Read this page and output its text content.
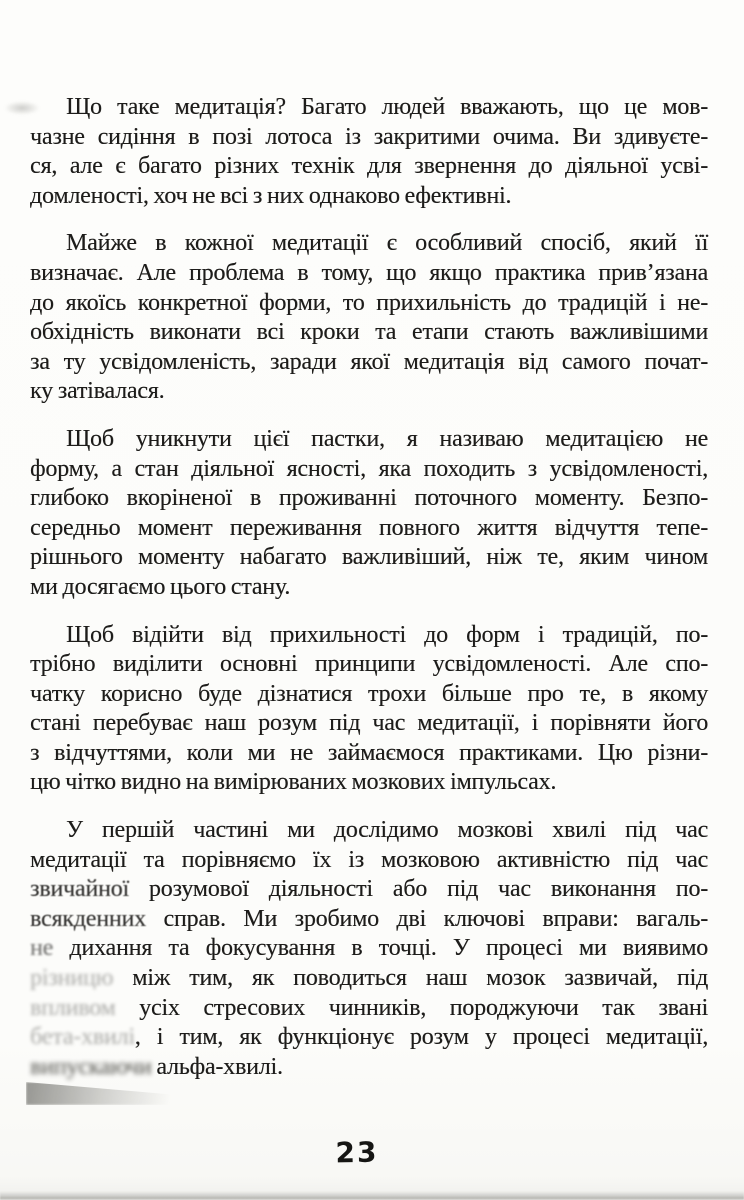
Що таке медитація? Багато людей вважають, що це мов-
чазне сидіння в позі лотоса із закритими очима. Ви здивуєте-
ся, але є багато різних технік для звернення до діяльної усві-
домленості, хоч не всі з них однаково ефективні.

Майже в кожної медитації є особливий спосіб, який її
визначає. Але проблема в тому, що якщо практика прив’язана
до якоїсь конкретної форми, то прихильність до традицій і не-
обхідність виконати всі кроки та етапи стають важливішими
за ту усвідомленість, заради якої медитація від самого почат-
ку затівалася.

Щоб уникнути цієї пастки, я називаю медитацією не
форму, а стан діяльної ясності, яка походить з усвідомленості,
глибоко вкоріненої в проживанні поточного моменту. Безпо-
середньо момент переживання повного життя відчуття тепе-
рішнього моменту набагато важливіший, ніж те, яким чином
ми досягаємо цього стану.

Щоб відійти від прихильності до форм і традицій, по-
трібно виділити основні принципи усвідомленості. Але спо-
чатку корисно буде дізнатися трохи більше про те, в якому
стані перебуває наш розум під час медитації, і порівняти його
з відчуттями, коли ми не займаємося практиками. Цю різни-
цю чітко видно на вимірюваних мозкових імпульсах.

У першій частині ми дослідимо мозкові хвилі під час
медитації та порівняємо їх із мозковою активністю під час
звичайної розумової діяльності або під час виконання по-
всякденних справ. Ми зробимо дві ключові вправи: вагаль-
не дихання та фокусування в точці. У процесі ми виявимо
різницю між тим, як поводиться наш мозок зазвичай, під
впливом усіх стресових чинників, породжуючи так звані
бета-хвилі, і тим, як функціонує розум у процесі медитації,
випускаючи альфа-хвилі.

23
